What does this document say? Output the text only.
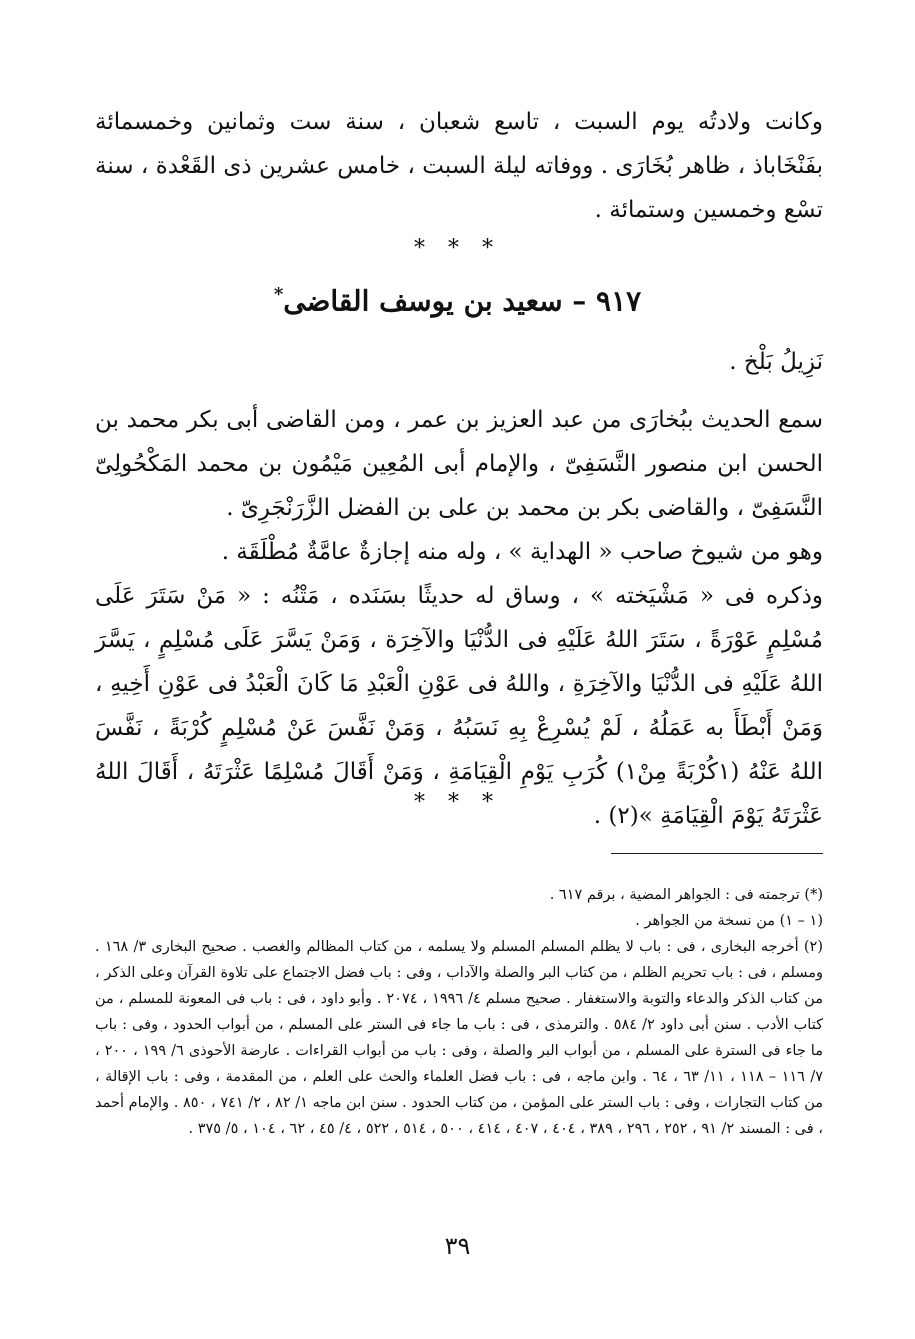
وكانت ولادتُه يوم السبت ، تاسع شعبان ، سنة ست وثمانين وخمسمائة بفَنْخَاباذ ، ظاهر بُخَارَى . ووفاته ليلة السبت ، خامس عشرين ذى القَعْدة ، سنة تسْع وخمسين وستمائة .

* * *
٩١٧ – سعيد بن يوسف القاضى*

نَزِيلُ بَلْخ .

سمع الحديث ببُخارَى من عبد العزيز بن عمر ، ومن القاضى أبى بكر محمد بن الحسن ابن منصور النَّسَفِىّ ، والإمام أبى المُعِين مَيْمُون بن محمد المَكْحُولِىّ النَّسَفِىّ ، والقاضى بكر بن محمد بن على بن الفضل الزَّرَنْجَرِىّ .

وهو من شيوخ صاحب « الهداية » ، وله منه إجازةٌ عامَّةٌ مُطْلَقَة .

وذكره فى « مَشْيَخته » ، وساق له حديثًا بسَنَده ، مَتْنُه : « مَنْ سَتَرَ عَلَى مُسْلِمٍ عَوْرَةً ، سَتَرَ اللهُ عَلَيْهِ فى الدُّنْيَا والآخِرَة ، وَمَنْ يَسَّرَ عَلَى مُسْلِمٍ ، يَسَّرَ اللهُ عَلَيْهِ فى الدُّنْيَا والآخِرَةِ ، واللهُ فى عَوْنِ الْعَبْدِ مَا كَانَ الْعَبْدُ فى عَوْنِ أَخِيهِ ، وَمَنْ أَبْطَأَ به عَمَلُهُ ، لَمْ يُسْرِعْ بِهِ نَسَبُهُ ، وَمَنْ نَفَّسَ عَنْ مُسْلِمٍ كُرْبَةً ، نَفَّسَ اللهُ عَنْهُ (١كُرْبَةً مِنْ١) كُرَبِ يَوْمِ الْقِيَامَةِ ، وَمَنْ أَقَالَ مُسْلِمًا عَثْرَتَهُ ، أَقَالَ اللهُ عَثْرَتَهُ يَوْمَ الْقِيَامَةِ »(٢) .

* * *

(*) ترجمته فى : الجواهر المضية ، برقم ٦١٧ .

(١ – ١) من نسخة من الجواهر .

(٢) أخرجه البخارى ، فى : باب لا يظلم المسلم المسلم ولا يسلمه ، من كتاب المظالم والغصب . صحيح البخارى ٣/ ١٦٨ . ومسلم ، فى : باب تحريم الظلم ، من كتاب البر والصلة والآداب ، وفى : باب فضل الاجتماع على تلاوة القرآن وعلى الذكر ، من كتاب الذكر والدعاء والتوبة والاستغفار . صحيح مسلم ٤/ ١٩٩٦ ، ٢٠٧٤ . وأبو داود ، فى : باب فى المعونة للمسلم ، من كتاب الأدب . سنن أبى داود ٢/ ٥٨٤ . والترمذى ، فى : باب ما جاء فى الستر على المسلم ، من أبواب الحدود ، وفى : باب ما جاء فى السترة على المسلم ، من أبواب البر والصلة ، وفى : باب من أبواب القراءات . عارضة الأحوذى ٦/ ١٩٩ ، ٢٠٠ ، ٧/ ١١٦ – ١١٨ ، ١١/ ٦٣ ، ٦٤ . وابن ماجه ، فى : باب فضل العلماء والحث على العلم ، من المقدمة ، وفى : باب الإقالة ، من كتاب التجارات ، وفى : باب الستر على المؤمن ، من كتاب الحدود . سنن ابن ماجه ١/ ٨٢ ، ٢/ ٧٤١ ، ٨٥٠ . والإمام أحمد ، فى : المسند ٢/ ٩١ ، ٢٥٢ ، ٢٩٦ ، ٣٨٩ ، ٤٠٤ ، ٤٠٧ ، ٤١٤ ، ٥٠٠ ، ٥١٤ ، ٥٢٢ ، ٤/ ٤٥ ، ٦٢ ، ١٠٤ ، ٥/ ٣٧٥ .

٣٩
